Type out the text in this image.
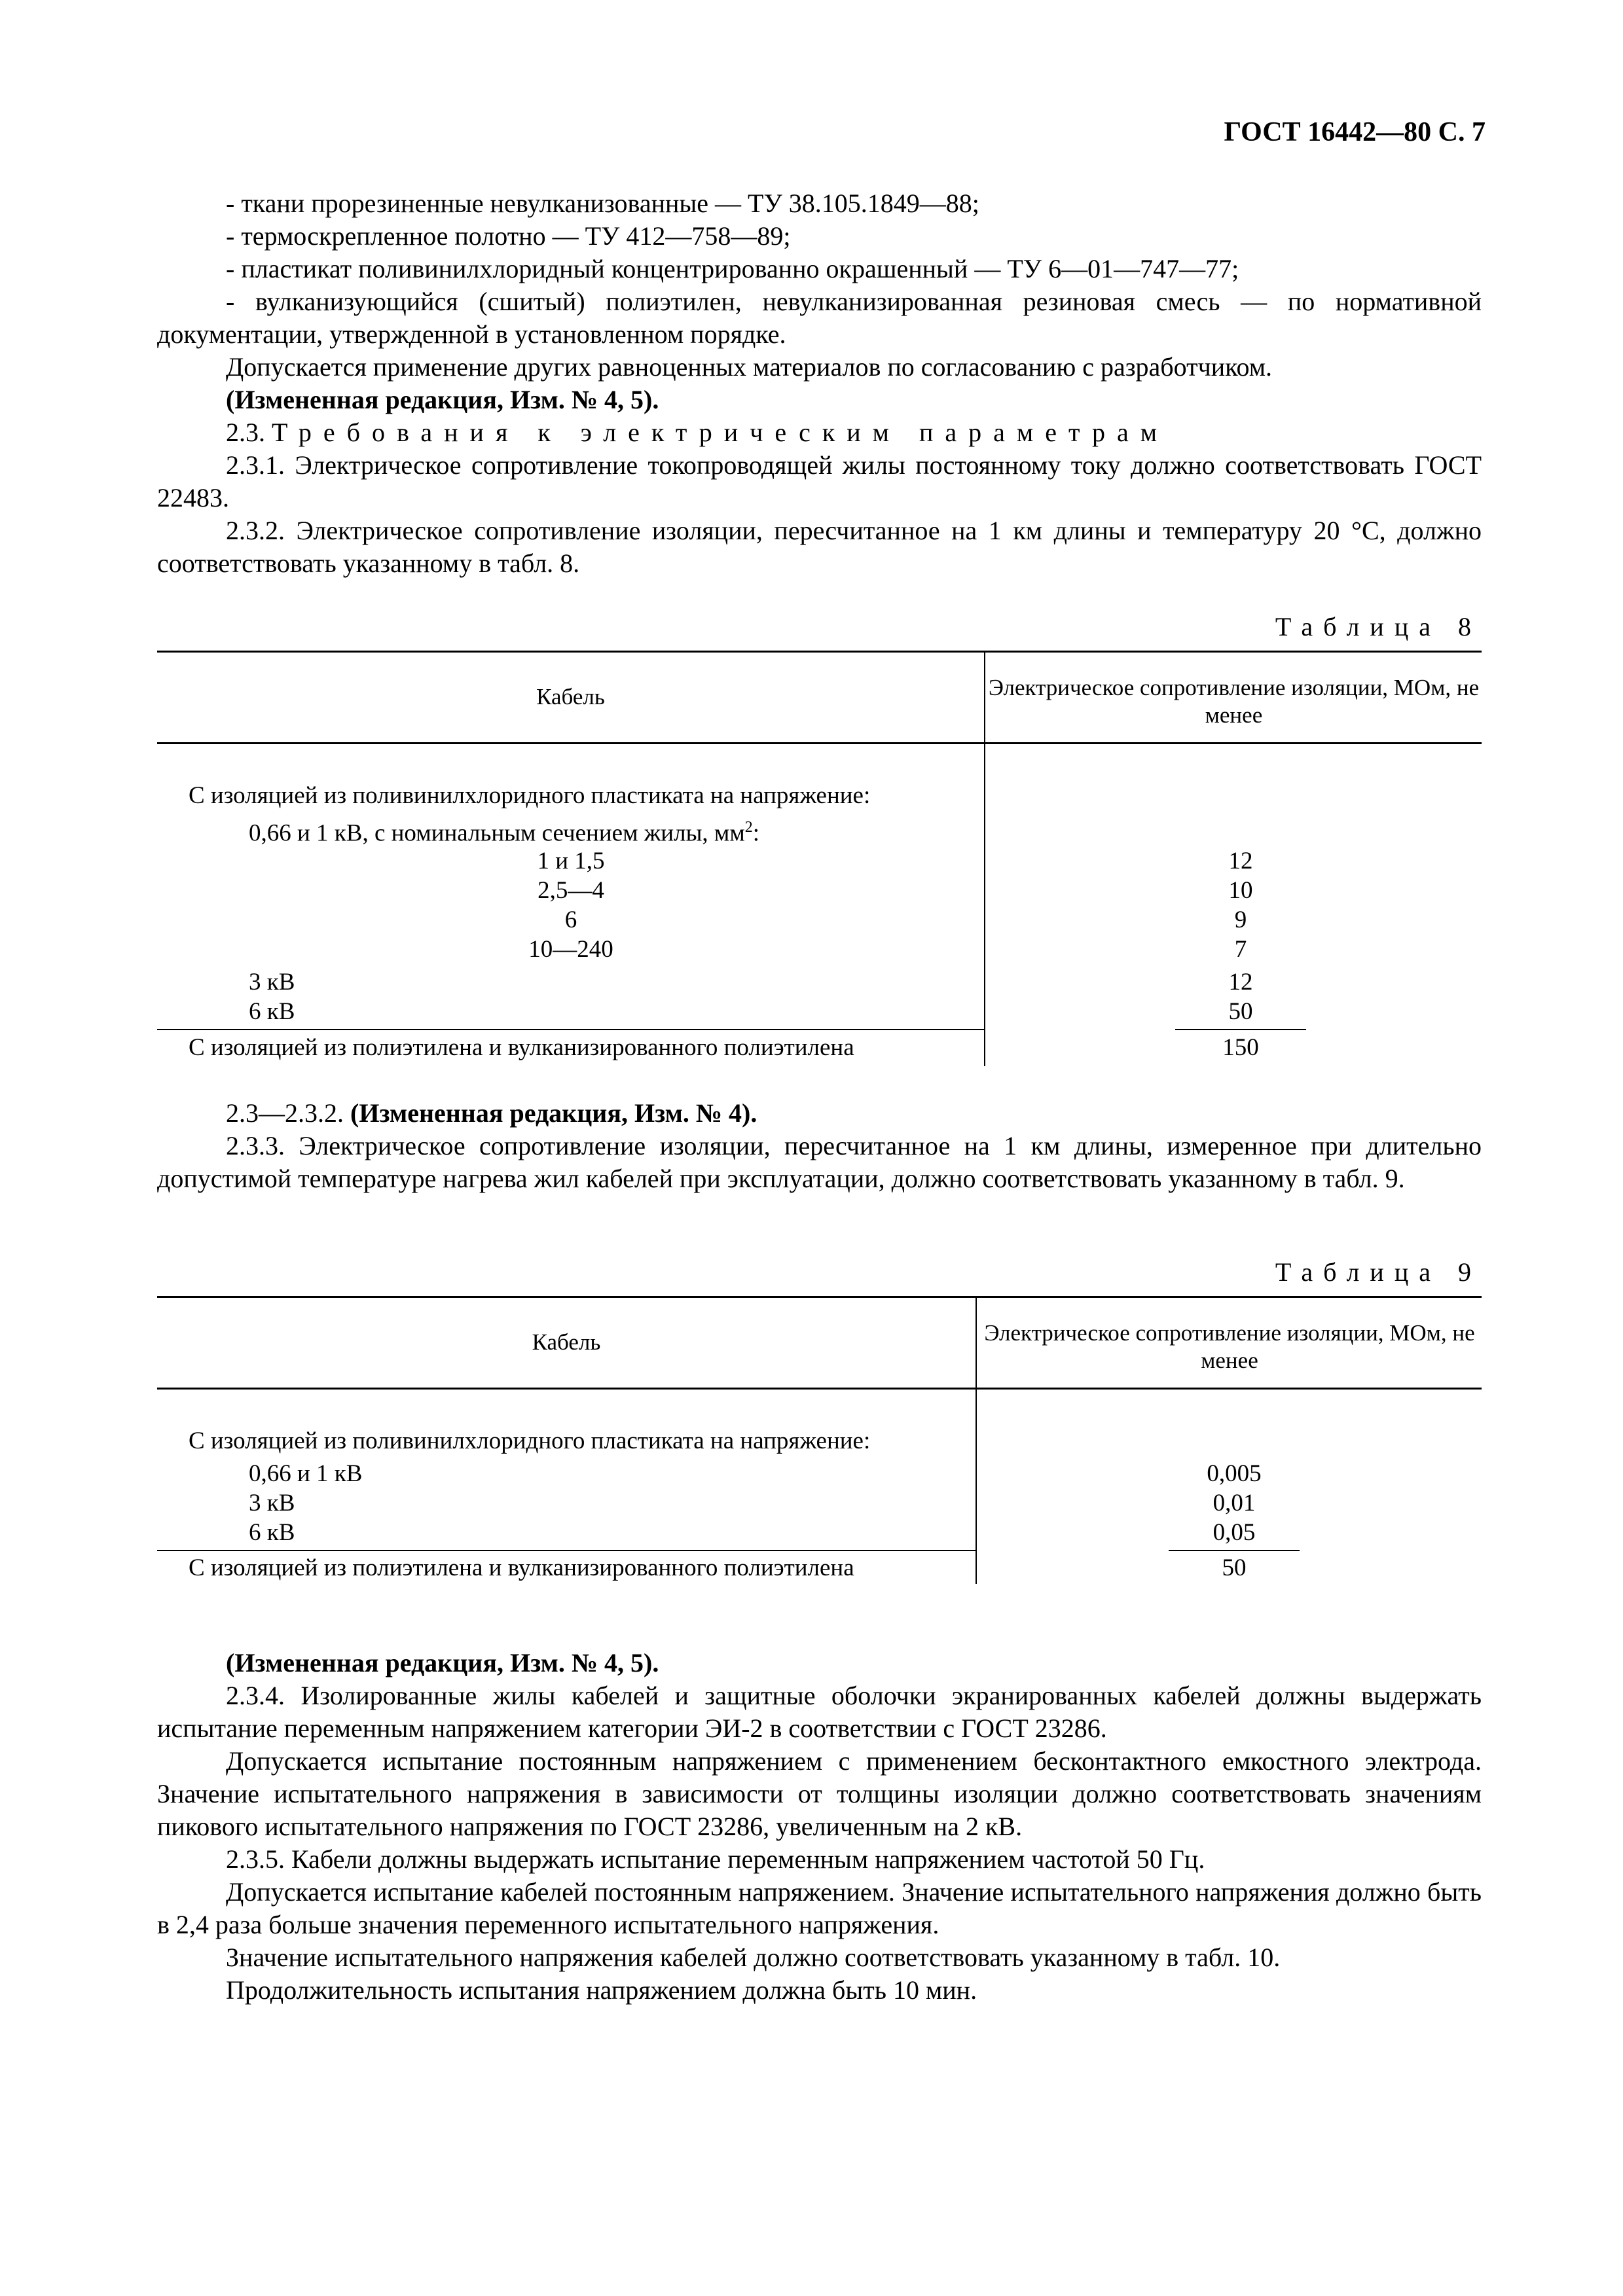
ГОСТ 16442—80 С. 7

- ткани прорезиненные невулканизованные — ТУ 38.105.1849—88;

- термоскрепленное полотно — ТУ 412—758—89;

- пластикат поливинилхлоридный концентрированно окрашенный — ТУ 6—01—747—77;

- вулканизующийся (сшитый) полиэтилен, невулканизированная резиновая смесь — по нормативной документации, утвержденной в установленном порядке.

Допускается применение других равноценных материалов по согласованию с разработчиком.

(Измененная редакция, Изм. № 4, 5).

2.3. Требования к электрическим параметрам

2.3.1. Электрическое сопротивление токопроводящей жилы постоянному току должно соответствовать ГОСТ 22483.

2.3.2. Электрическое сопротивление изоляции, пересчитанное на 1 км длины и температуру 20 °С, должно соответствовать указанному в табл. 8.

Таблица 8
Кабель	Электрическое сопротивление изоляции, МОм, не менее
С изоляцией из поливинилхлоридного пластиката на напряжение:
0,66 и 1 кВ, с номинальным сечением жилы, $мм^2$:
1 и 1,5	12
2,5—4	10
6	9
10—240	7
3 кВ	12
6 кВ	50
С изоляцией из полиэтилена и вулканизированного полиэтилена	150

2.3—2.3.2. (Измененная редакция, Изм. № 4).

2.3.3. Электрическое сопротивление изоляции, пересчитанное на 1 км длины, измеренное при длительно допустимой температуре нагрева жил кабелей при эксплуатации, должно соответствовать указанному в табл. 9.

Таблица 9
Кабель	Электрическое сопротивление изоляции, МОм, не менее
С изоляцией из поливинилхлоридного пластиката на напряжение:
0,66 и 1 кВ	0,005
3 кВ	0,01
6 кВ	0,05
С изоляцией из полиэтилена и вулканизированного полиэтилена	50

(Измененная редакция, Изм. № 4, 5).

2.3.4. Изолированные жилы кабелей и защитные оболочки экранированных кабелей должны выдержать испытание переменным напряжением категории ЭИ-2 в соответствии с ГОСТ 23286.

Допускается испытание постоянным напряжением с применением бесконтактного емкостного электрода. Значение испытательного напряжения в зависимости от толщины изоляции должно соответствовать значениям пикового испытательного напряжения по ГОСТ 23286, увеличенным на 2 кВ.

2.3.5. Кабели должны выдержать испытание переменным напряжением частотой 50 Гц.

Допускается испытание кабелей постоянным напряжением. Значение испытательного напряжения должно быть в 2,4 раза больше значения переменного испытательного напряжения.

Значение испытательного напряжения кабелей должно соответствовать указанному в табл. 10.

Продолжительность испытания напряжением должна быть 10 мин.
